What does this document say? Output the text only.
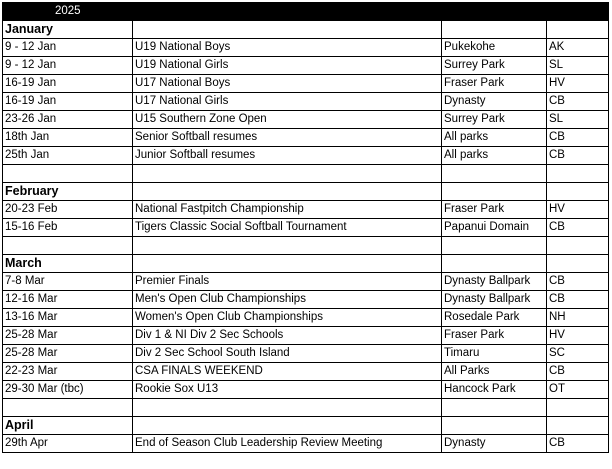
2025			
January			
9 - 12 Jan	U19 National Boys	Pukekohe	AK
9 - 12 Jan	U19 National Girls	Surrey Park	SL
16-19 Jan	U17 National Boys	Fraser Park	HV
16-19 Jan	U17 National Girls	Dynasty	CB
23-26 Jan	U15 Southern Zone Open	Surrey Park	SL
18th Jan	Senior Softball resumes	All parks	CB
25th Jan	Junior Softball resumes	All parks	CB

February			
20-23 Feb	National Fastpitch Championship	Fraser Park	HV
15-16 Feb	Tigers Classic Social Softball Tournament	Papanui Domain	CB

March			
7-8 Mar	Premier Finals	Dynasty Ballpark	CB
12-16 Mar	Men's Open Club Championships	Dynasty Ballpark	CB
13-16 Mar	Women's Open Club Championships	Rosedale Park	NH
25-28 Mar	Div 1 & NI Div 2 Sec Schools	Fraser Park	HV
25-28 Mar	Div 2 Sec School South Island	Timaru	SC
22-23 Mar	CSA FINALS WEEKEND	All Parks	CB
29-30 Mar (tbc)	Rookie Sox U13	Hancock Park	OT

April			
29th Apr	End of Season Club Leadership Review Meeting	Dynasty	CB
